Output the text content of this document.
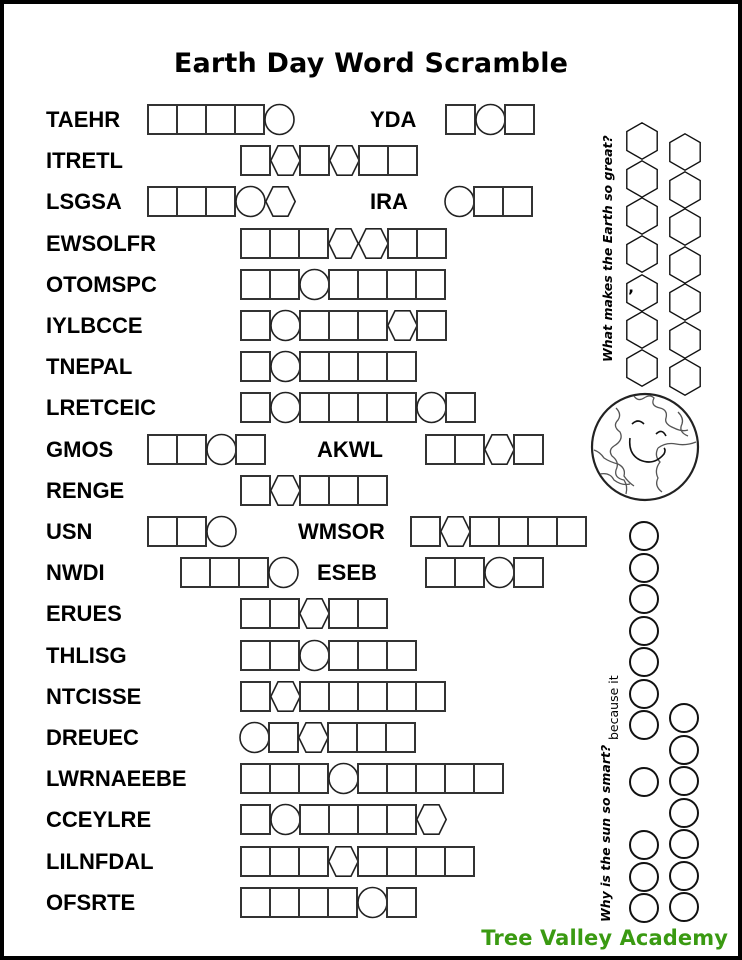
Earth Day Word Scramble
TAEHR	YDA
ITRETL
LSGSA	IRA
EWSOLFR
OTOMSPC
IYLBCCE
TNEPAL
LRETCEIC
GMOS	AKWL
RENGE
USN	WMSOR
NWDI	ESEB
ERUES
THLISG
NTCISSE
DREUEC
LWRNAEEBE
CCEYLRE
LILNFDAL
OFSRTE
What makes the Earth so great? ’
because it
Why is the sun so smart?
Tree Valley Academy
